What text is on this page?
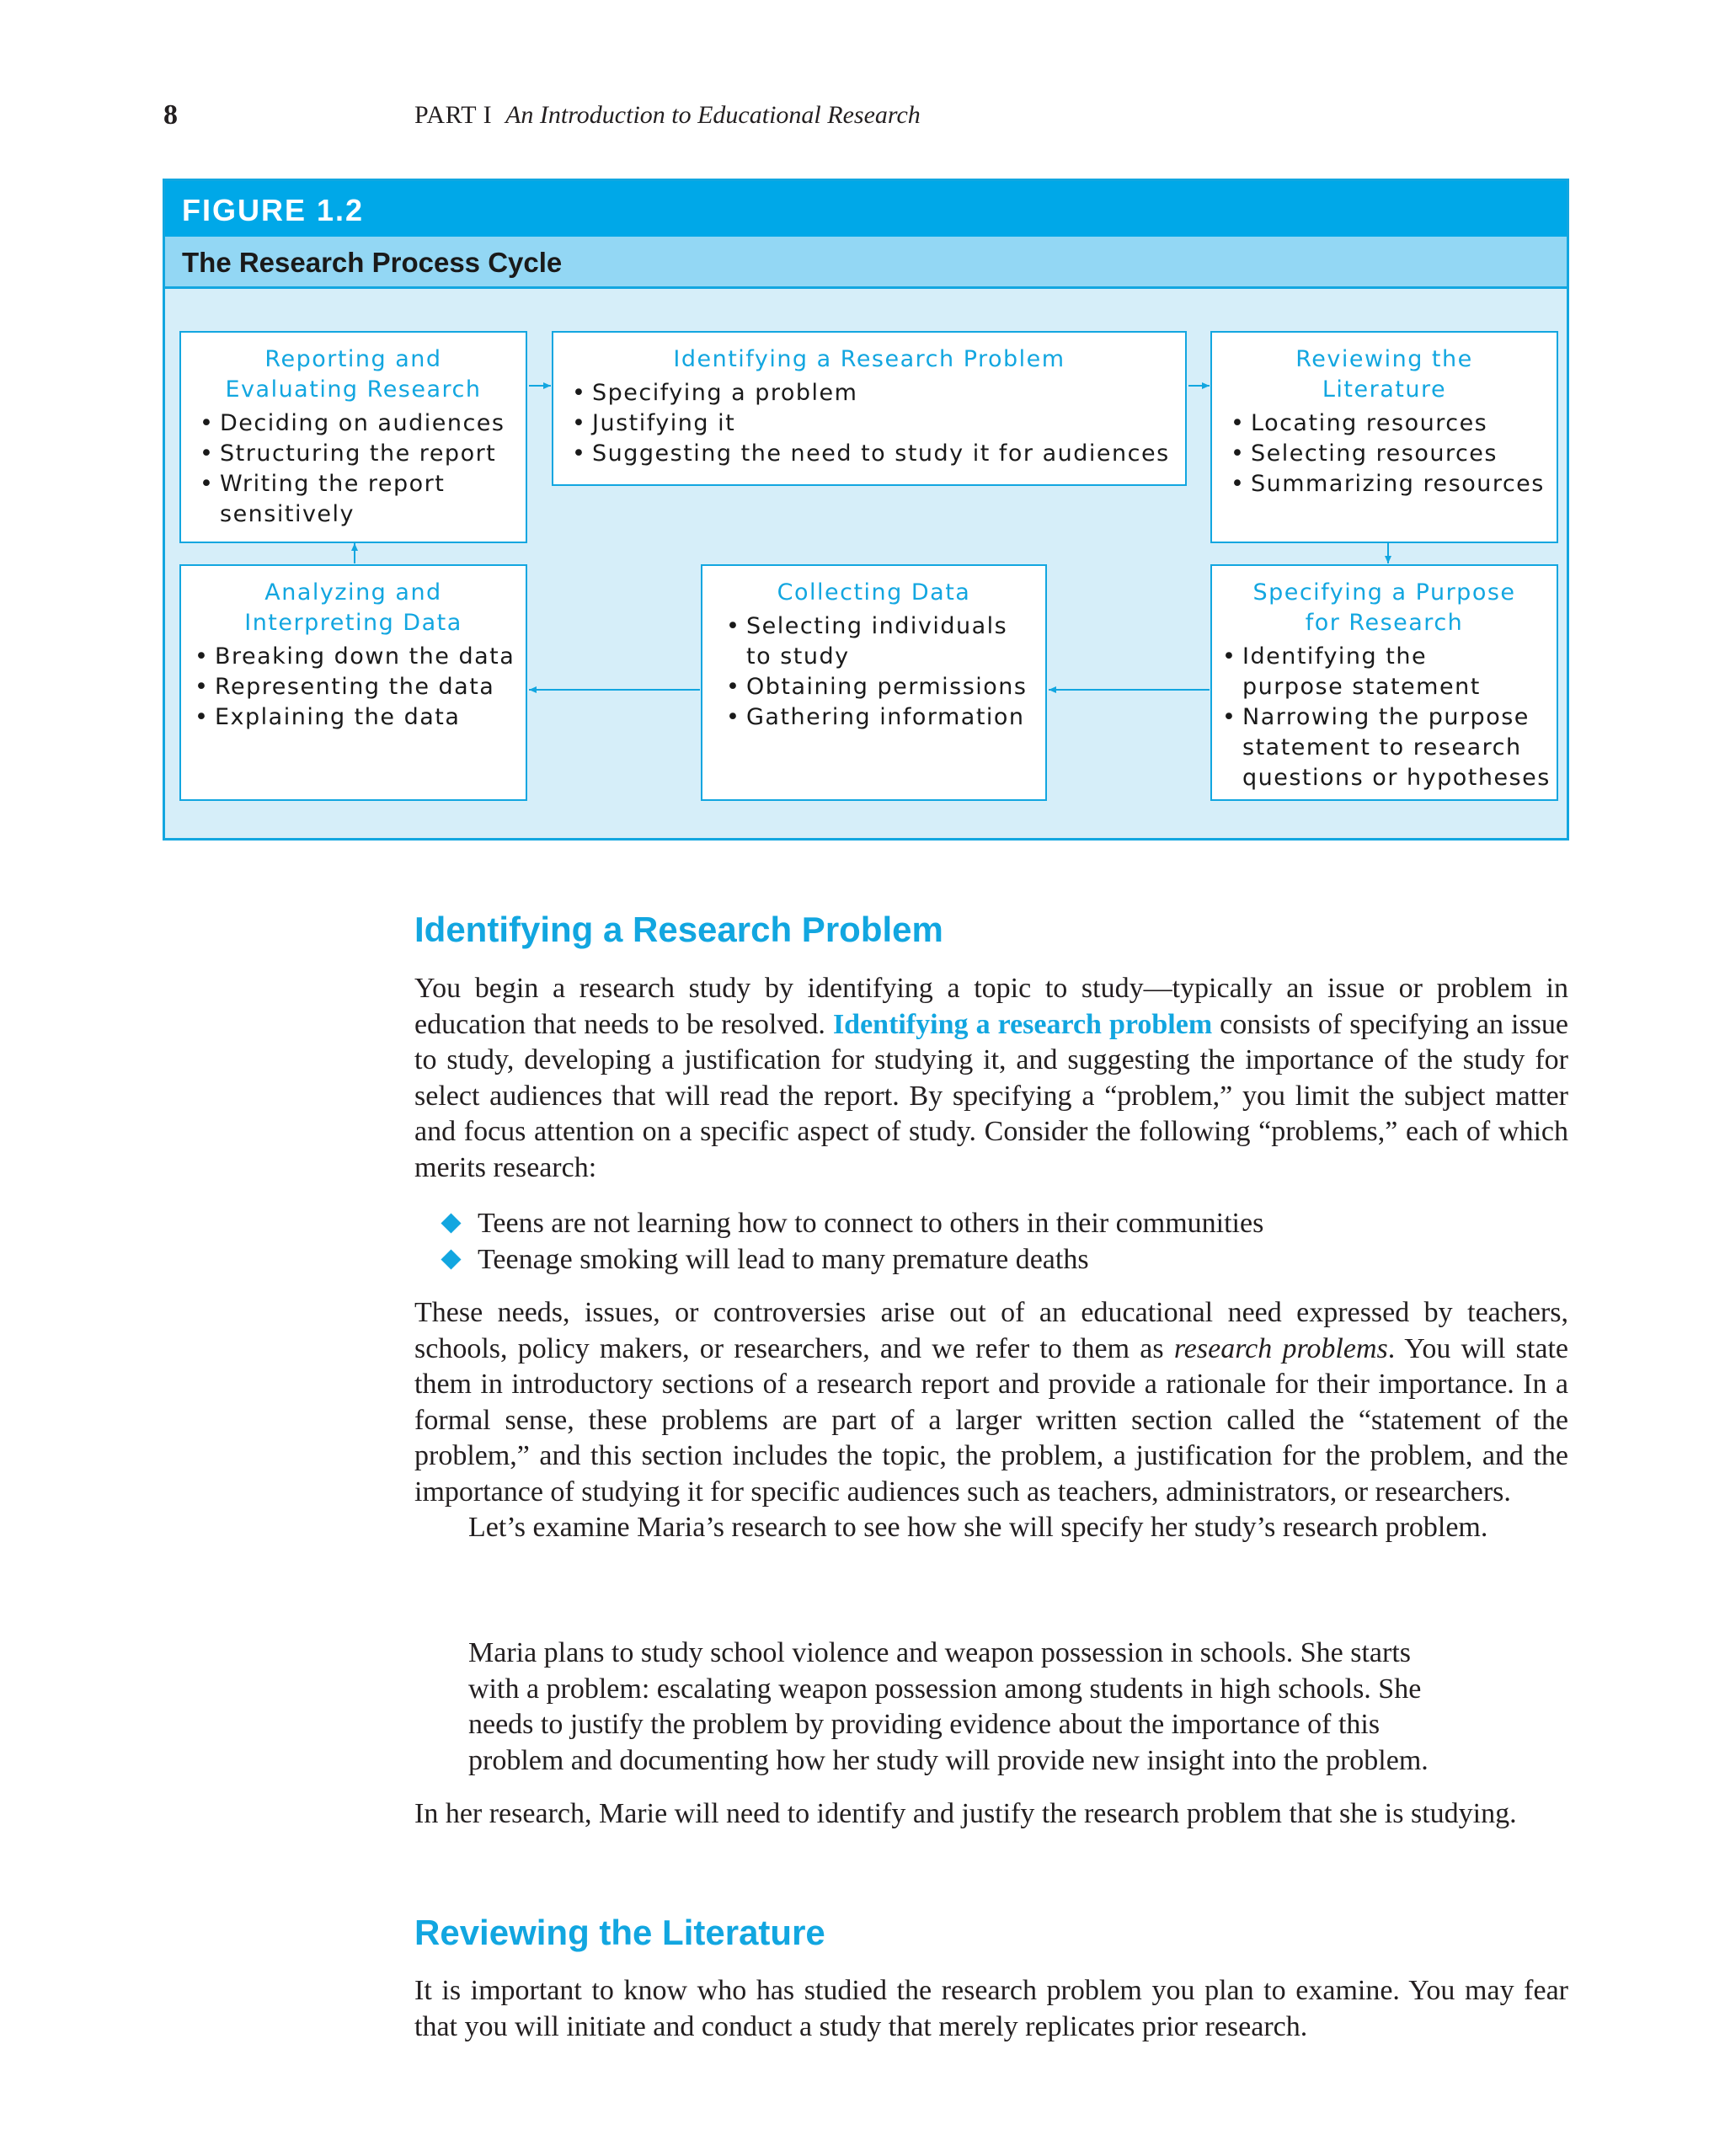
8	PART I An Introduction to Educational Research
FIGURE 1.2
The Research Process Cycle
Reporting and
Evaluating Research
• Deciding on audiences
• Structuring the report
• Writing the report sensitively
Identifying a Research Problem
• Specifying a problem
• Justifying it
• Suggesting the need to study it for audiences
Reviewing the
Literature
• Locating resources
• Selecting resources
• Summarizing resources
Analyzing and
Interpreting Data
• Breaking down the data
• Representing the data
• Explaining the data
Collecting Data
• Selecting individuals to study
• Obtaining permissions
• Gathering information
Specifying a Purpose
for Research
• Identifying the purpose statement
• Narrowing the purpose statement to research questions or hypotheses
Identifying a Research Problem
You begin a research study by identifying a topic to study—typically an issue or problem in education that needs to be resolved. Identifying a research problem consists of specifying an issue to study, developing a justification for studying it, and suggesting the importance of the study for select audiences that will read the report. By specifying a “problem,” you limit the subject matter and focus attention on a specific aspect of study. Consider the following “problems,” each of which merits research:
Teens are not learning how to connect to others in their communities
Teenage smoking will lead to many premature deaths
These needs, issues, or controversies arise out of an educational need expressed by teachers, schools, policy makers, or researchers, and we refer to them as research problems. You will state them in introductory sections of a research report and provide a rationale for their importance. In a formal sense, these problems are part of a larger written section called the “statement of the problem,” and this section includes the topic, the problem, a justification for the problem, and the importance of studying it for specific audiences such as teachers, administrators, or researchers.
Let’s examine Maria’s research to see how she will specify her study’s research problem.
Maria plans to study school violence and weapon possession in schools. She starts
with a problem: escalating weapon possession among students in high schools. She
needs to justify the problem by providing evidence about the importance of this
problem and documenting how her study will provide new insight into the problem.
In her research, Marie will need to identify and justify the research problem that she is studying.
Reviewing the Literature
It is important to know who has studied the research problem you plan to examine. You may fear that you will initiate and conduct a study that merely replicates prior research.
